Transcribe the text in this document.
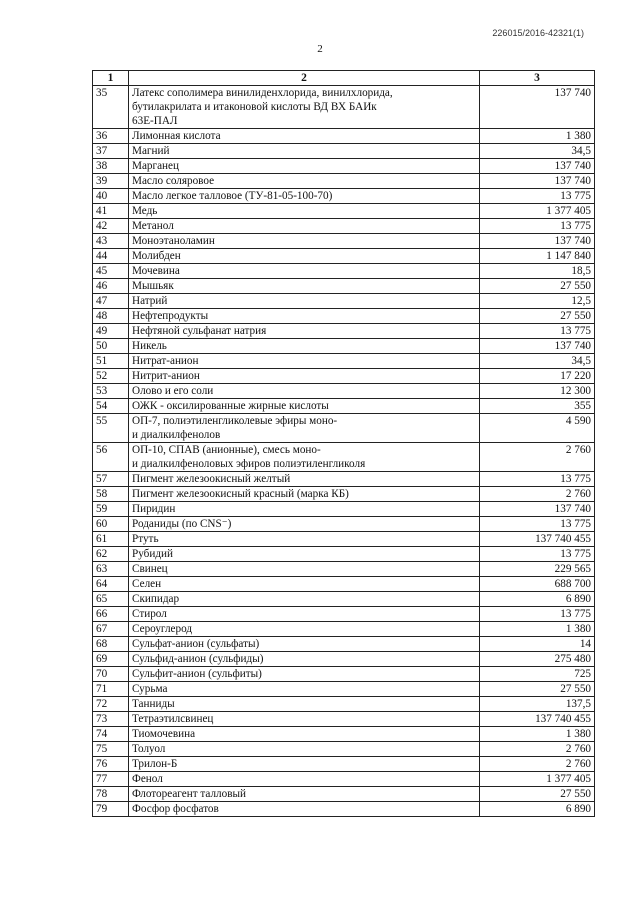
226015/2016-42321(1)
2
1	2	3
35	Латекс сополимера винилиденхлорида, винилхлорида,
бутилакрилата и итаконовой кислоты ВД ВХ БАИк
63Е-ПАЛ	137 740
36	Лимонная кислота	1 380
37	Магний	34,5
38	Марганец	137 740
39	Масло соляровое	137 740
40	Масло легкое талловое (ТУ-81-05-100-70)	13 775
41	Медь	1 377 405
42	Метанол	13 775
43	Моноэтаноламин	137 740
44	Молибден	1 147 840
45	Мочевина	18,5
46	Мышьяк	27 550
47	Натрий	12,5
48	Нефтепродукты	27 550
49	Нефтяной сульфанат натрия	13 775
50	Никель	137 740
51	Нитрат-анион	34,5
52	Нитрит-анион	17 220
53	Олово и его соли	12 300
54	ОЖК - оксилированные жирные кислоты	355
55	ОП-7, полиэтиленгликолевые эфиры моно-
и диалкилфенолов	4 590
56	ОП-10, СПАВ (анионные), смесь моно-
и диалкилфеноловых эфиров полиэтиленгликоля	2 760
57	Пигмент железоокисный желтый	13 775
58	Пигмент железоокисный красный (марка КБ)	2 760
59	Пиридин	137 740
60	Роданиды (по CNS⁻)	13 775
61	Ртуть	137 740 455
62	Рубидий	13 775
63	Свинец	229 565
64	Селен	688 700
65	Скипидар	6 890
66	Стирол	13 775
67	Сероуглерод	1 380
68	Сульфат-анион (сульфаты)	14
69	Сульфид-анион (сульфиды)	275 480
70	Сульфит-анион (сульфиты)	725
71	Сурьма	27 550
72	Танниды	137,5
73	Тетраэтилсвинец	137 740 455
74	Тиомочевина	1 380
75	Толуол	2 760
76	Трилон-Б	2 760
77	Фенол	1 377 405
78	Флотореагент талловый	27 550
79	Фосфор фосфатов	6 890
